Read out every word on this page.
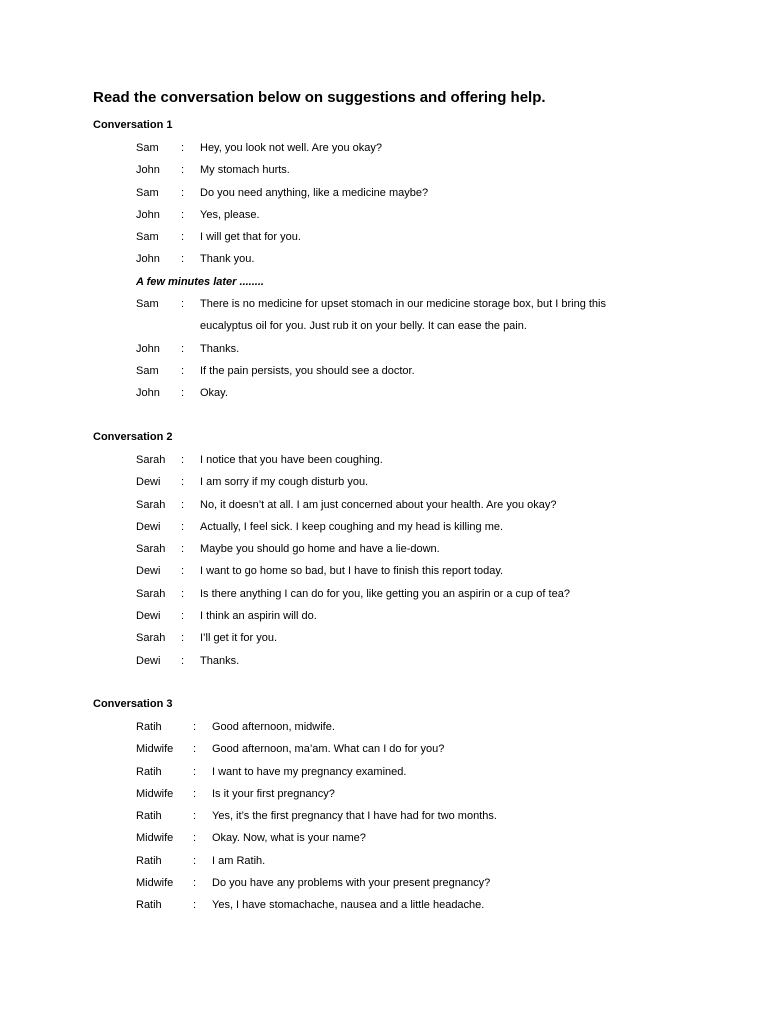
Read the conversation below on suggestions and offering help.
Conversation 1
Sam : Hey, you look not well. Are you okay?
John : My stomach hurts.
Sam : Do you need anything, like a medicine maybe?
John : Yes, please.
Sam : I will get that for you.
John : Thank you.
A few minutes later ........
Sam : There is no medicine for upset stomach in our medicine storage box, but I bring this
eucalyptus oil for you. Just rub it on your belly. It can ease the pain.
John : Thanks.
Sam : If the pain persists, you should see a doctor.
John : Okay.
Conversation 2
Sarah : I notice that you have been coughing.
Dewi : I am sorry if my cough disturb you.
Sarah : No, it doesn’t at all. I am just concerned about your health. Are you okay?
Dewi : Actually, I feel sick. I keep coughing and my head is killing me.
Sarah : Maybe you should go home and have a lie-down.
Dewi : I want to go home so bad, but I have to finish this report today.
Sarah : Is there anything I can do for you, like getting you an aspirin or a cup of tea?
Dewi : I think an aspirin will do.
Sarah : I’ll get it for you.
Dewi : Thanks.
Conversation 3
Ratih	: Good afternoon, midwife.
Midwife : Good afternoon, ma’am. What can I do for you?
Ratih	: I want to have my pregnancy examined.
Midwife : Is it your first pregnancy?
Ratih	: Yes, it’s the first pregnancy that I have had for two months.
Midwife : Okay. Now, what is your name?
Ratih	: I am Ratih.
Midwife : Do you have any problems with your present pregnancy?
Ratih	: Yes, I have stomachache, nausea and a little headache.
